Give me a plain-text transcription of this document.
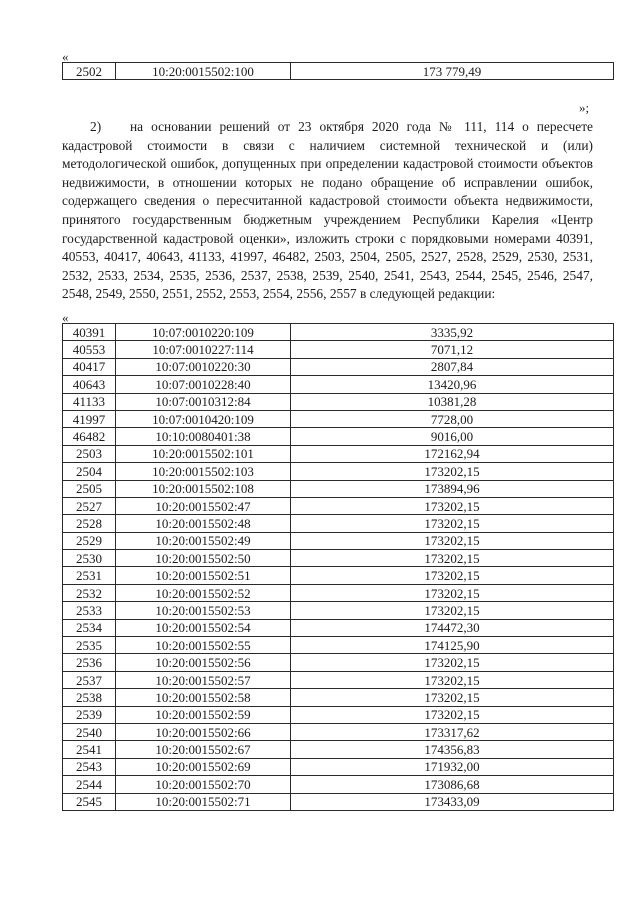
«
2502	10:20:0015502:100	173 779,49
»;

2) на основании решений от 23 октября 2020 года № 111, 114 о пересчете кадастровой стоимости в связи с наличием системной технической и (или) методологической ошибок, допущенных при определении кадастровой стоимости объектов недвижимости, в отношении которых не подано обращение об исправлении ошибок, содержащего сведения о пересчитанной кадастровой стоимости объекта недвижимости, принятого государственным бюджетным учреждением Республики Карелия «Центр государственной кадастровой оценки», изложить строки с порядковыми номерами 40391, 40553, 40417, 40643, 41133, 41997, 46482, 2503, 2504, 2505, 2527, 2528, 2529, 2530, 2531, 2532, 2533, 2534, 2535, 2536, 2537, 2538, 2539, 2540, 2541, 2543, 2544, 2545, 2546, 2547, 2548, 2549, 2550, 2551, 2552, 2553, 2554, 2556, 2557 в следующей редакции:

«
40391	10:07:0010220:109	3335,92
40553	10:07:0010227:114	7071,12
40417	10:07:0010220:30	2807,84
40643	10:07:0010228:40	13420,96
41133	10:07:0010312:84	10381,28
41997	10:07:0010420:109	7728,00
46482	10:10:0080401:38	9016,00
2503	10:20:0015502:101	172162,94
2504	10:20:0015502:103	173202,15
2505	10:20:0015502:108	173894,96
2527	10:20:0015502:47	173202,15
2528	10:20:0015502:48	173202,15
2529	10:20:0015502:49	173202,15
2530	10:20:0015502:50	173202,15
2531	10:20:0015502:51	173202,15
2532	10:20:0015502:52	173202,15
2533	10:20:0015502:53	173202,15
2534	10:20:0015502:54	174472,30
2535	10:20:0015502:55	174125,90
2536	10:20:0015502:56	173202,15
2537	10:20:0015502:57	173202,15
2538	10:20:0015502:58	173202,15
2539	10:20:0015502:59	173202,15
2540	10:20:0015502:66	173317,62
2541	10:20:0015502:67	174356,83
2543	10:20:0015502:69	171932,00
2544	10:20:0015502:70	173086,68
2545	10:20:0015502:71	173433,09
